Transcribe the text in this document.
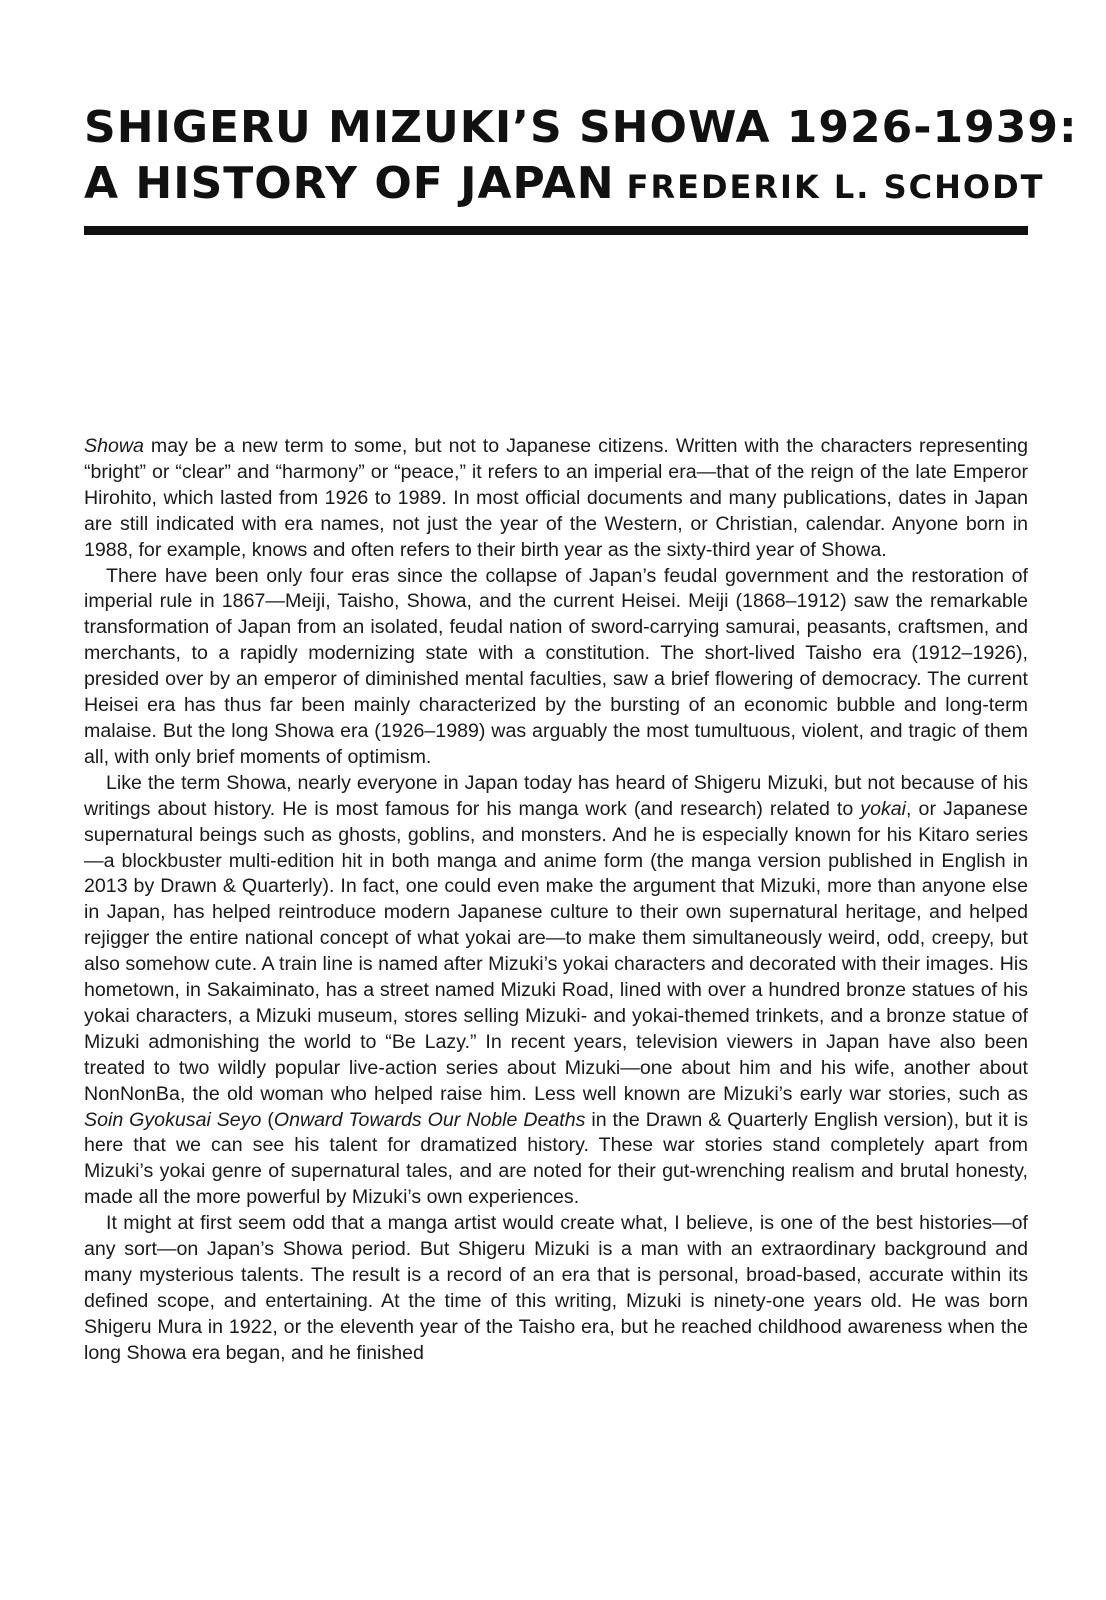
SHIGERU MIZUKI’S SHOWA 1926-1939:
A HISTORY OF JAPAN FREDERIK L. SCHODT

Showa may be a new term to some, but not to Japanese citizens. Written with the characters representing “bright” or “clear” and “harmony” or “peace,” it refers to an imperial era—that of the reign of the late Emperor Hirohito, which lasted from 1926 to 1989. In most official documents and many publications, dates in Japan are still indicated with era names, not just the year of the Western, or Christian, calendar. Anyone born in 1988, for example, knows and often refers to their birth year as the sixty-third year of Showa.

There have been only four eras since the collapse of Japan’s feudal government and the restoration of imperial rule in 1867—Meiji, Taisho, Showa, and the current Heisei. Meiji (1868–1912) saw the remarkable transformation of Japan from an isolated, feudal nation of sword-carrying samurai, peasants, craftsmen, and merchants, to a rapidly modernizing state with a constitution. The short-lived Taisho era (1912–1926), presided over by an emperor of diminished mental faculties, saw a brief flowering of democracy. The current Heisei era has thus far been mainly characterized by the bursting of an economic bubble and long-term malaise. But the long Showa era (1926–1989) was arguably the most tumultuous, violent, and tragic of them all, with only brief moments of optimism.

Like the term Showa, nearly everyone in Japan today has heard of Shigeru Mizuki, but not because of his writings about history. He is most famous for his manga work (and research) related to yokai, or Japanese supernatural beings such as ghosts, goblins, and monsters. And he is especially known for his Kitaro series—a blockbuster multi-edition hit in both manga and anime form (the manga version published in English in 2013 by Drawn & Quarterly). In fact, one could even make the argument that Mizuki, more than anyone else in Japan, has helped reintroduce modern Japanese culture to their own supernatural heritage, and helped rejigger the entire national concept of what yokai are—to make them simultaneously weird, odd, creepy, but also somehow cute. A train line is named after Mizuki’s yokai characters and decorated with their images. His hometown, in Sakaiminato, has a street named Mizuki Road, lined with over a hundred bronze statues of his yokai characters, a Mizuki museum, stores selling Mizuki- and yokai-themed trinkets, and a bronze statue of Mizuki admonishing the world to “Be Lazy.” In recent years, television viewers in Japan have also been treated to two wildly popular live-action series about Mizuki—one about him and his wife, another about NonNonBa, the old woman who helped raise him. Less well known are Mizuki’s early war stories, such as Soin Gyokusai Seyo (Onward Towards Our Noble Deaths in the Drawn & Quarterly English version), but it is here that we can see his talent for dramatized history. These war stories stand completely apart from Mizuki’s yokai genre of supernatural tales, and are noted for their gut-wrenching realism and brutal honesty, made all the more powerful by Mizuki’s own experiences.

It might at first seem odd that a manga artist would create what, I believe, is one of the best histories—of any sort—on Japan’s Showa period. But Shigeru Mizuki is a man with an extraordinary background and many mysterious talents. The result is a record of an era that is personal, broad-based, accurate within its defined scope, and entertaining. At the time of this writing, Mizuki is ninety-one years old. He was born Shigeru Mura in 1922, or the eleventh year of the Taisho era, but he reached childhood awareness when the long Showa era began, and he finished
